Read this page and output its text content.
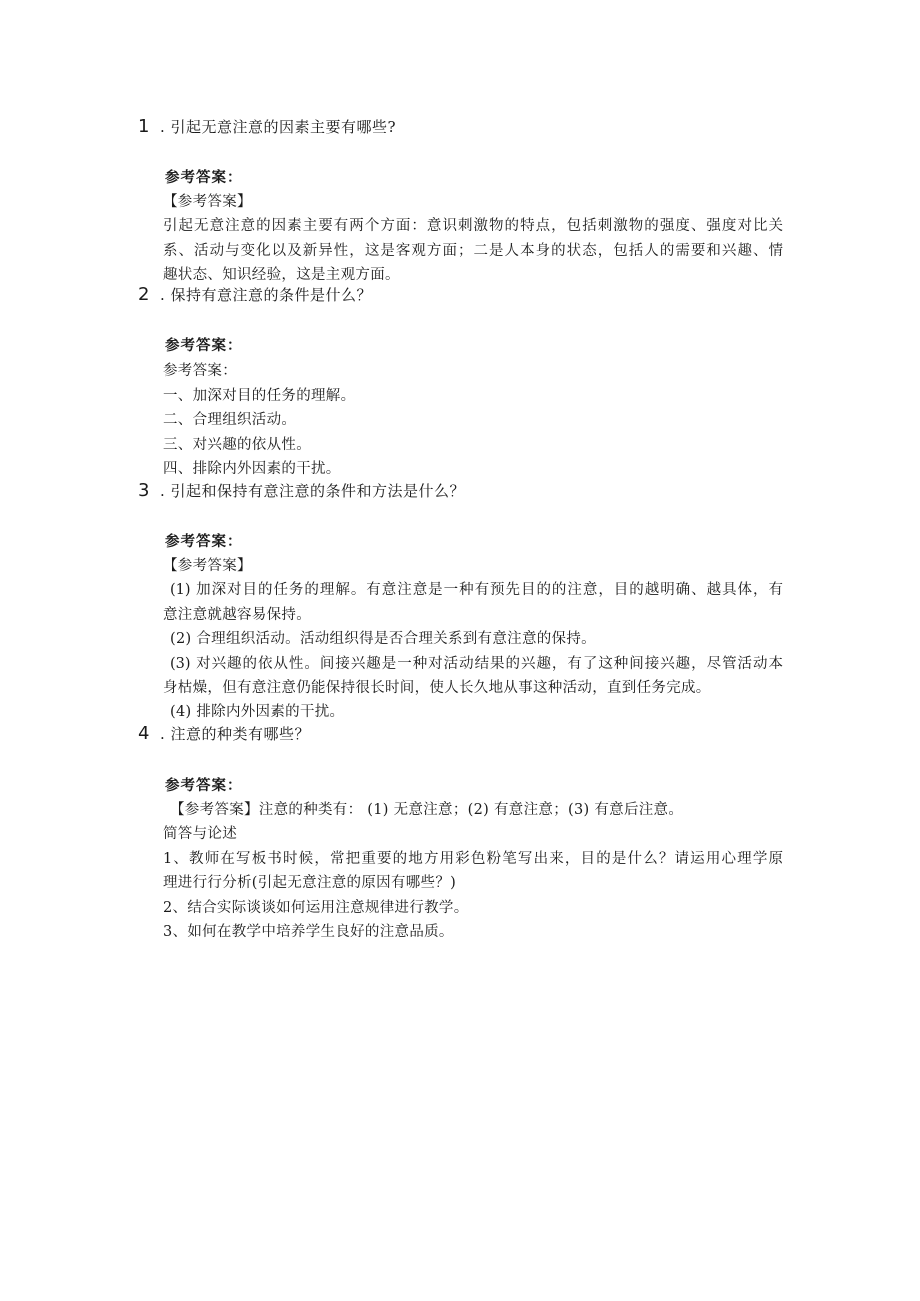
1 . 引起无意注意的因素主要有哪些?
参考答案：
【参考答案】
引起无意注意的因素主要有两个方面：意识刺激物的特点，包括刺激物的强度、强度对比关
系、活动与变化以及新异性，这是客观方面；二是人本身的状态，包括人的需要和兴趣、情
趣状态、知识经验，这是主观方面。
2 . 保持有意注意的条件是什么？
参考答案：
参考答案：
一、加深对目的任务的理解。
二、合理组织活动。
三、对兴趣的依从性。
四、排除内外因素的干扰。
3 . 引起和保持有意注意的条件和方法是什么？
参考答案：
【参考答案】
(1) 加深对目的任务的理解。有意注意是一种有预先目的的注意，目的越明确、越具体，有
意注意就越容易保持。
(2) 合理组织活动。活动组织得是否合理关系到有意注意的保持。
(3) 对兴趣的依从性。间接兴趣是一种对活动结果的兴趣，有了这种间接兴趣，尽管活动本
身枯燥，但有意注意仍能保持很长时间，使人长久地从事这种活动，直到任务完成。
(4) 排除内外因素的干扰。
4 . 注意的种类有哪些？
参考答案：
【参考答案】注意的种类有： (1) 无意注意；(2) 有意注意；(3) 有意后注意。
简答与论述
1、教师在写板书时候，常把重要的地方用彩色粉笔写出来，目的是什么？请运用心理学原
理进行行分析(引起无意注意的原因有哪些？)
2、结合实际谈谈如何运用注意规律进行教学。
3、如何在教学中培养学生良好的注意品质。
